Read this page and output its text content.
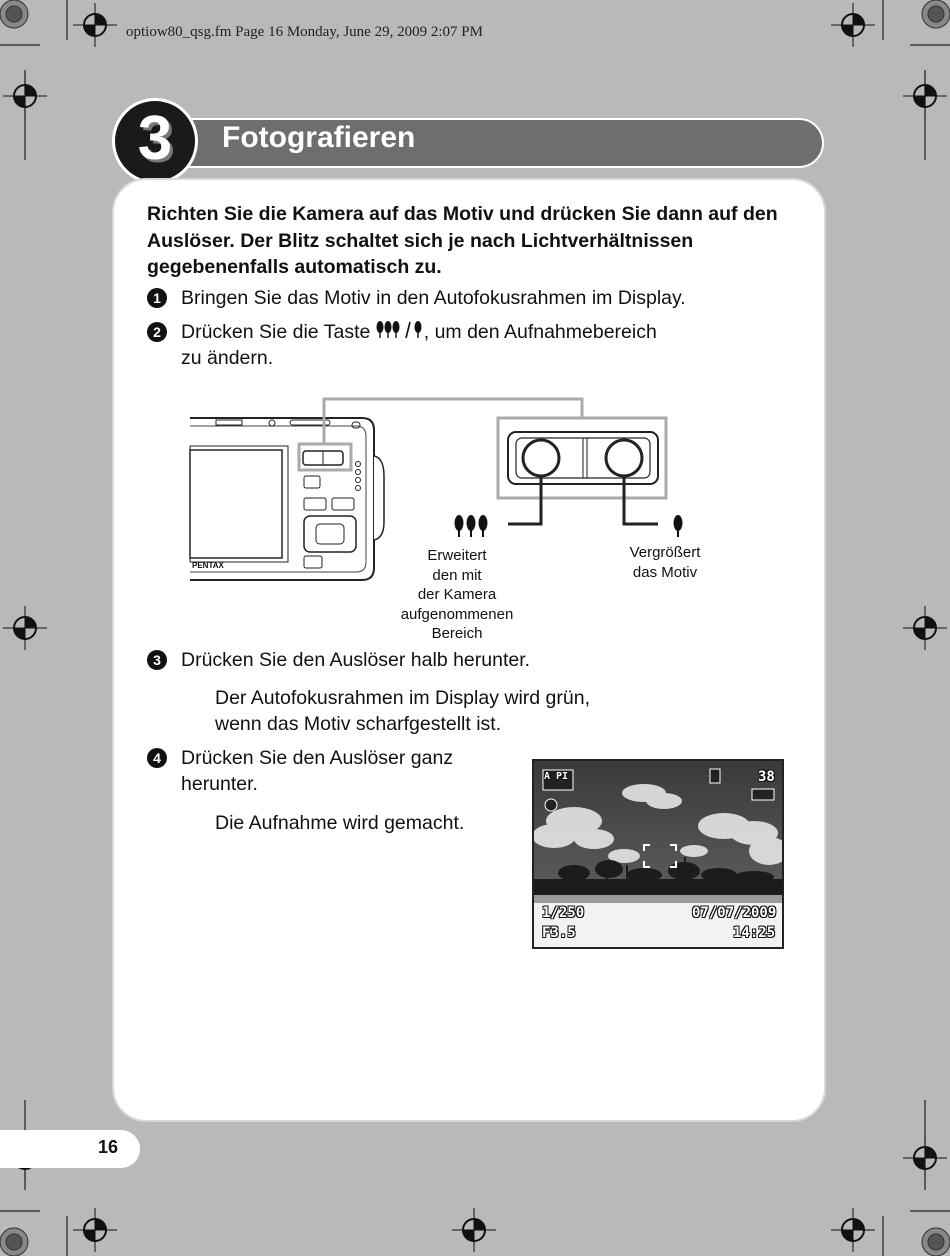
optiow80_qsg.fm Page 16 Monday, June 29, 2009 2:07 PM
Fotografieren
3
Richten Sie die Kamera auf das Motiv und drücken Sie dann auf den Auslöser. Der Blitz schaltet sich je nach Lichtverhältnissen gegebenenfalls automatisch zu.
1	Bringen Sie das Motiv in den Autofokusrahmen im Display.
2	Drücken Sie die Taste , um den Aufnahmebereich
zu ändern.
PENTAX
Erweitert
den mit
der Kamera
aufgenommenen
Bereich
Vergrößert
das Motiv
3	Drücken Sie den Auslöser halb herunter.
Der Autofokusrahmen im Display wird grün,
wenn das Motiv scharfgestellt ist.
4	Drücken Sie den Auslöser ganz
herunter.
Die Aufnahme wird gemacht.
A PI	38
1/250
F3.5
07/07/2009
14:25
16
